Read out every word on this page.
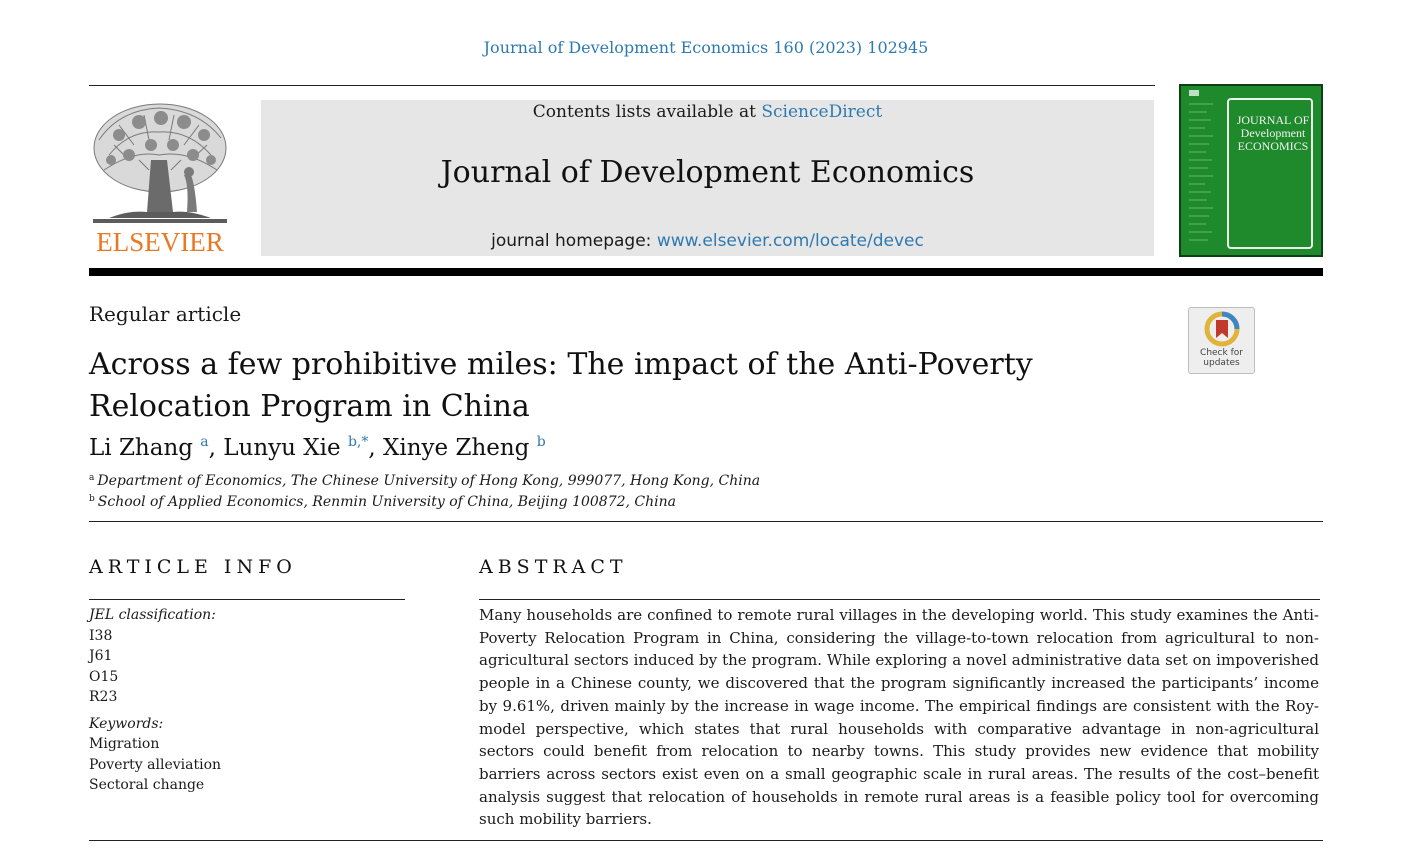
Journal of Development Economics 160 (2023) 102945
ELSEVIER
Contents lists available at ScienceDirect
Journal of Development Economics
journal homepage: www.elsevier.com/locate/devec
JOURNAL OF
Development
ECONOMICS
Regular article
Across a few prohibitive miles: The impact of the Anti-Poverty Relocation Program in China
Check for
updates
Li Zhang $^a$, Lunyu Xie $^{b,*}$, Xinye Zheng $^b$
$^a$ Department of Economics, The Chinese University of Hong Kong, 999077, Hong Kong, China
$^b$ School of Applied Economics, Renmin University of China, Beijing 100872, China
ARTICLE INFO	ABSTRACT
JEL classification:
I38
J61
O15
R23
Keywords:
Migration
Poverty alleviation
Sectoral change
Many households are confined to remote rural villages in the developing world. This study examines the Anti-Poverty Relocation Program in China, considering the village-to-town relocation from agricultural to non-agricultural sectors induced by the program. While exploring a novel administrative data set on impoverished people in a Chinese county, we discovered that the program significantly increased the participants’ income by 9.61%, driven mainly by the increase in wage income. The empirical findings are consistent with the Roy-model perspective, which states that rural households with comparative advantage in non-agricultural sectors could benefit from relocation to nearby towns. This study provides new evidence that mobility barriers across sectors exist even on a small geographic scale in rural areas. The results of the cost–benefit analysis suggest that relocation of households in remote rural areas is a feasible policy tool for overcoming such mobility barriers.
